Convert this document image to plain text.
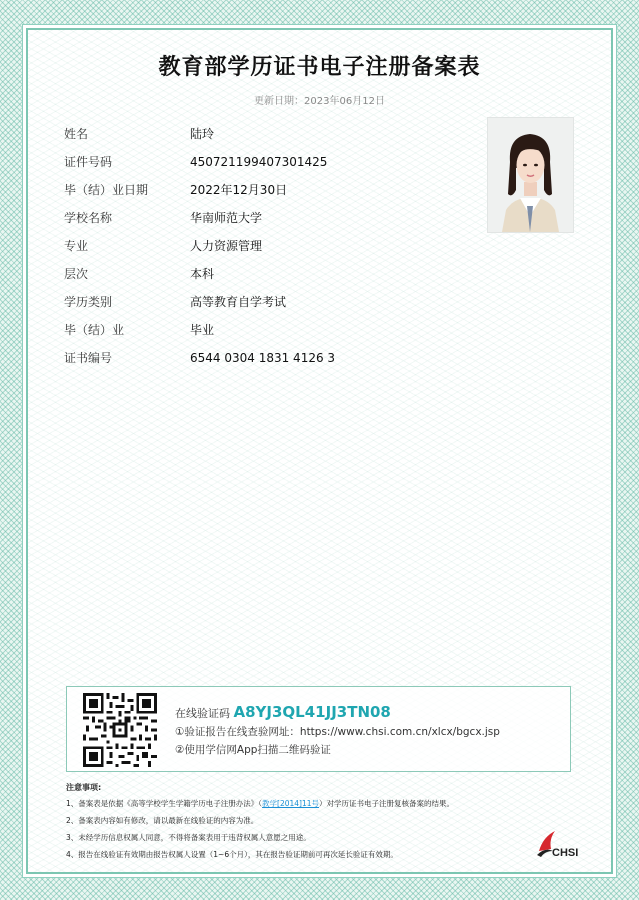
教育部学历证书电子注册备案表
更新日期：2023年06月12日
姓名	陆玲
证件号码	450721199407301425
毕（结）业日期	2022年12月30日
学校名称	华南师范大学
专业	人力资源管理
层次	本科
学历类别	高等教育自学考试
毕（结）业	毕业
证书编号	6544 0304 1831 4126 3
在线验证码 A8YJ3QL41JJ3TN08
①验证报告在线查验网址：https://www.chsi.com.cn/xlcx/bgcx.jsp
②使用学信网App扫描二维码验证
注意事项:
1、备案表是依据《高等学校学生学籍学历电子注册办法》（教学[2014]11号）对学历证书电子注册复核备案的结果。
2、备案表内容如有修改，请以最新在线验证的内容为准。
3、未经学历信息权属人同意，不得将备案表用于违背权属人意愿之用途。
4、报告在线验证有效期由报告权属人设置（1~6个月），其在报告验证期前可再次延长验证有效期。	CHSI
